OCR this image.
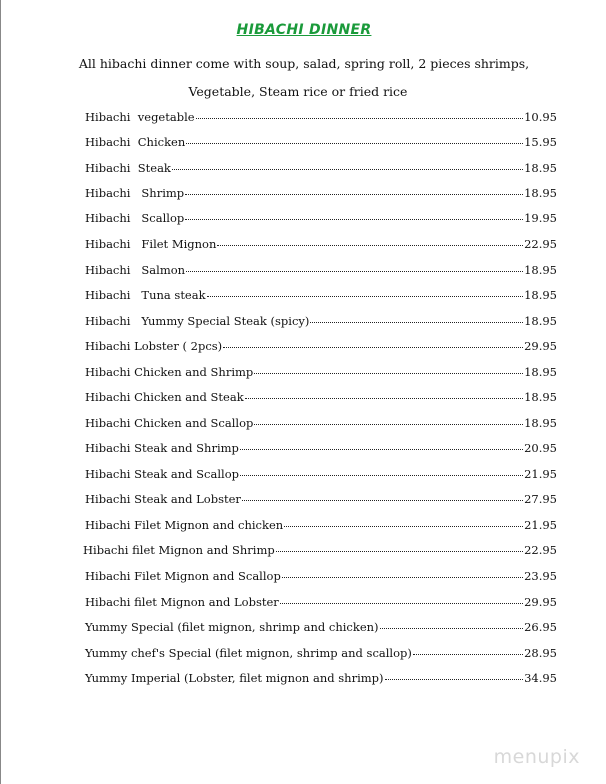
HIBACHI DINNER
All hibachi dinner come with soup, salad, spring roll, 2 pieces shrimps,
Vegetable, Steam rice or fried rice
Hibachi  vegetable	10.95
Hibachi  Chicken	15.95
Hibachi  Steak	18.95
Hibachi   Shrimp	18.95
Hibachi   Scallop	19.95
Hibachi   Filet Mignon	22.95
Hibachi   Salmon	18.95
Hibachi   Tuna steak	18.95
Hibachi   Yummy Special Steak (spicy)	18.95
Hibachi Lobster ( 2pcs)	29.95
Hibachi Chicken and Shrimp	18.95
Hibachi Chicken and Steak	18.95
Hibachi Chicken and Scallop	18.95
Hibachi Steak and Shrimp	20.95
Hibachi Steak and Scallop	21.95
Hibachi Steak and Lobster	27.95
Hibachi Filet Mignon and chicken	21.95
Hibachi filet Mignon and Shrimp	22.95
Hibachi Filet Mignon and Scallop	23.95
Hibachi filet Mignon and Lobster	29.95
Yummy Special (filet mignon, shrimp and chicken)	26.95
Yummy chef's Special (filet mignon, shrimp and scallop)	28.95
Yummy Imperial (Lobster, filet mignon and shrimp)	34.95
menupix
